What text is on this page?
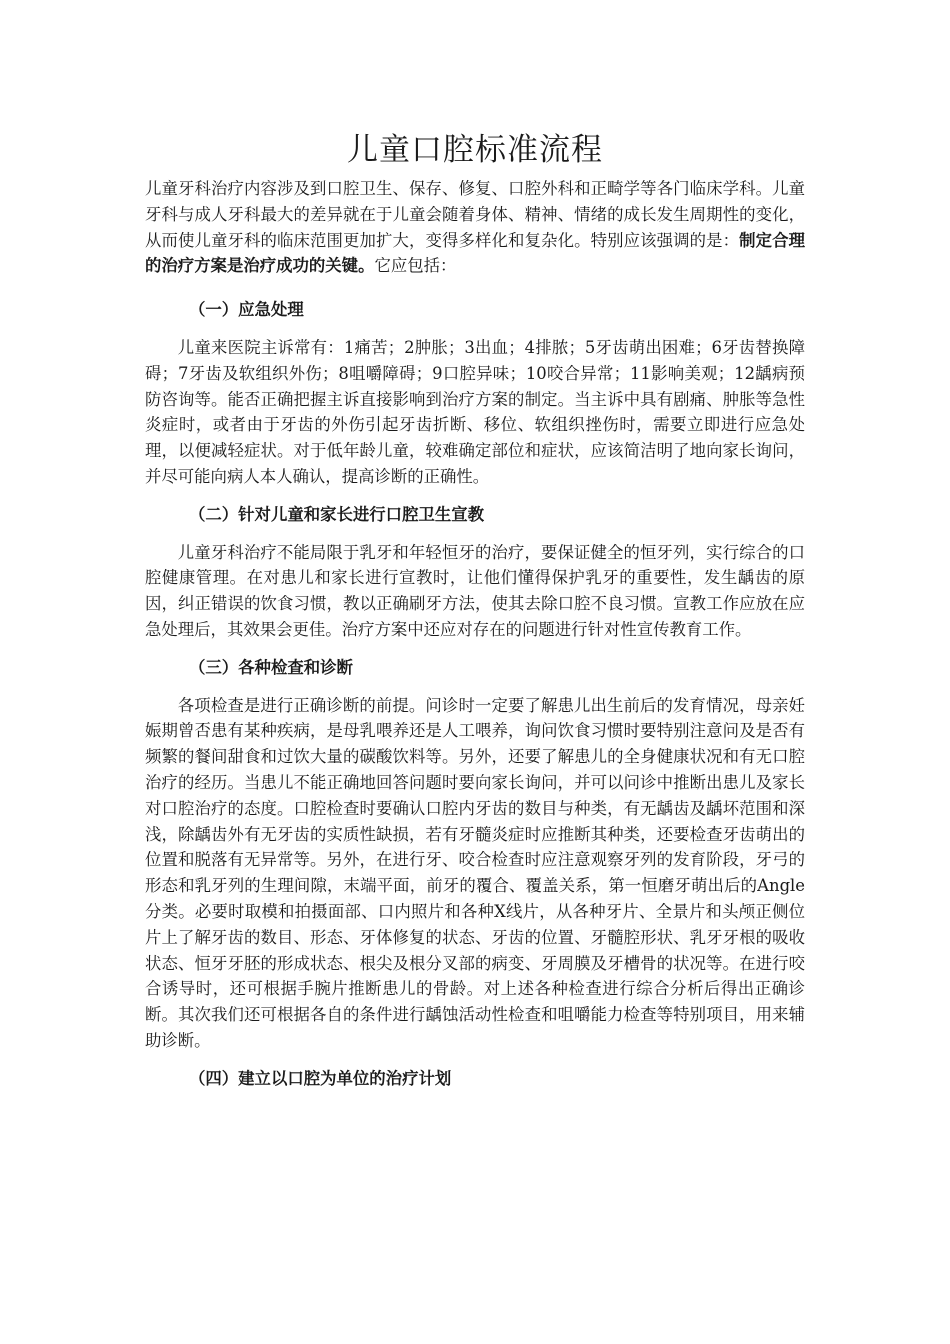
儿童口腔标准流程

儿童牙科治疗内容涉及到口腔卫生、保存、修复、口腔外科和正畸学等各门临床学科。儿童牙科与成人牙科最大的差异就在于儿童会随着身体、精神、情绪的成长发生周期性的变化，从而使儿童牙科的临床范围更加扩大，变得多样化和复杂化。特别应该强调的是：制定合理的治疗方案是治疗成功的关键。它应包括：

（一）应急处理

儿童来医院主诉常有：1痛苦；2肿胀；3出血；4排脓；5牙齿萌出困难；6牙齿替换障碍；7牙齿及软组织外伤；8咀嚼障碍；9口腔异味；10咬合异常；11影响美观；12龋病预防咨询等。能否正确把握主诉直接影响到治疗方案的制定。当主诉中具有剧痛、肿胀等急性炎症时，或者由于牙齿的外伤引起牙齿折断、移位、软组织挫伤时，需要立即进行应急处理，以便减轻症状。对于低年龄儿童，较难确定部位和症状，应该简洁明了地向家长询问，并尽可能向病人本人确认，提高诊断的正确性。

（二）针对儿童和家长进行口腔卫生宣教

儿童牙科治疗不能局限于乳牙和年轻恒牙的治疗，要保证健全的恒牙列，实行综合的口腔健康管理。在对患儿和家长进行宣教时，让他们懂得保护乳牙的重要性，发生龋齿的原因，纠正错误的饮食习惯，教以正确刷牙方法，使其去除口腔不良习惯。宣教工作应放在应急处理后，其效果会更佳。治疗方案中还应对存在的问题进行针对性宣传教育工作。

（三）各种检查和诊断

各项检查是进行正确诊断的前提。问诊时一定要了解患儿出生前后的发育情况，母亲妊娠期曾否患有某种疾病，是母乳喂养还是人工喂养，询问饮食习惯时要特别注意问及是否有频繁的餐间甜食和过饮大量的碳酸饮料等。另外，还要了解患儿的全身健康状况和有无口腔治疗的经历。当患儿不能正确地回答问题时要向家长询问，并可以问诊中推断出患儿及家长对口腔治疗的态度。口腔检查时要确认口腔内牙齿的数目与种类，有无龋齿及龋坏范围和深浅，除龋齿外有无牙齿的实质性缺损，若有牙髓炎症时应推断其种类，还要检查牙齿萌出的位置和脱落有无异常等。另外，在进行牙、咬合检查时应注意观察牙列的发育阶段，牙弓的形态和乳牙列的生理间隙，末端平面，前牙的覆合、覆盖关系，第一恒磨牙萌出后的Angle分类。必要时取模和拍摄面部、口内照片和各种X线片，从各种牙片、全景片和头颅正侧位片上了解牙齿的数目、形态、牙体修复的状态、牙齿的位置、牙髓腔形状、乳牙牙根的吸收状态、恒牙牙胚的形成状态、根尖及根分叉部的病变、牙周膜及牙槽骨的状况等。在进行咬合诱导时，还可根据手腕片推断患儿的骨龄。对上述各种检查进行综合分析后得出正确诊断。其次我们还可根据各自的条件进行龋蚀活动性检查和咀嚼能力检查等特别项目，用来辅助诊断。

（四）建立以口腔为单位的治疗计划
